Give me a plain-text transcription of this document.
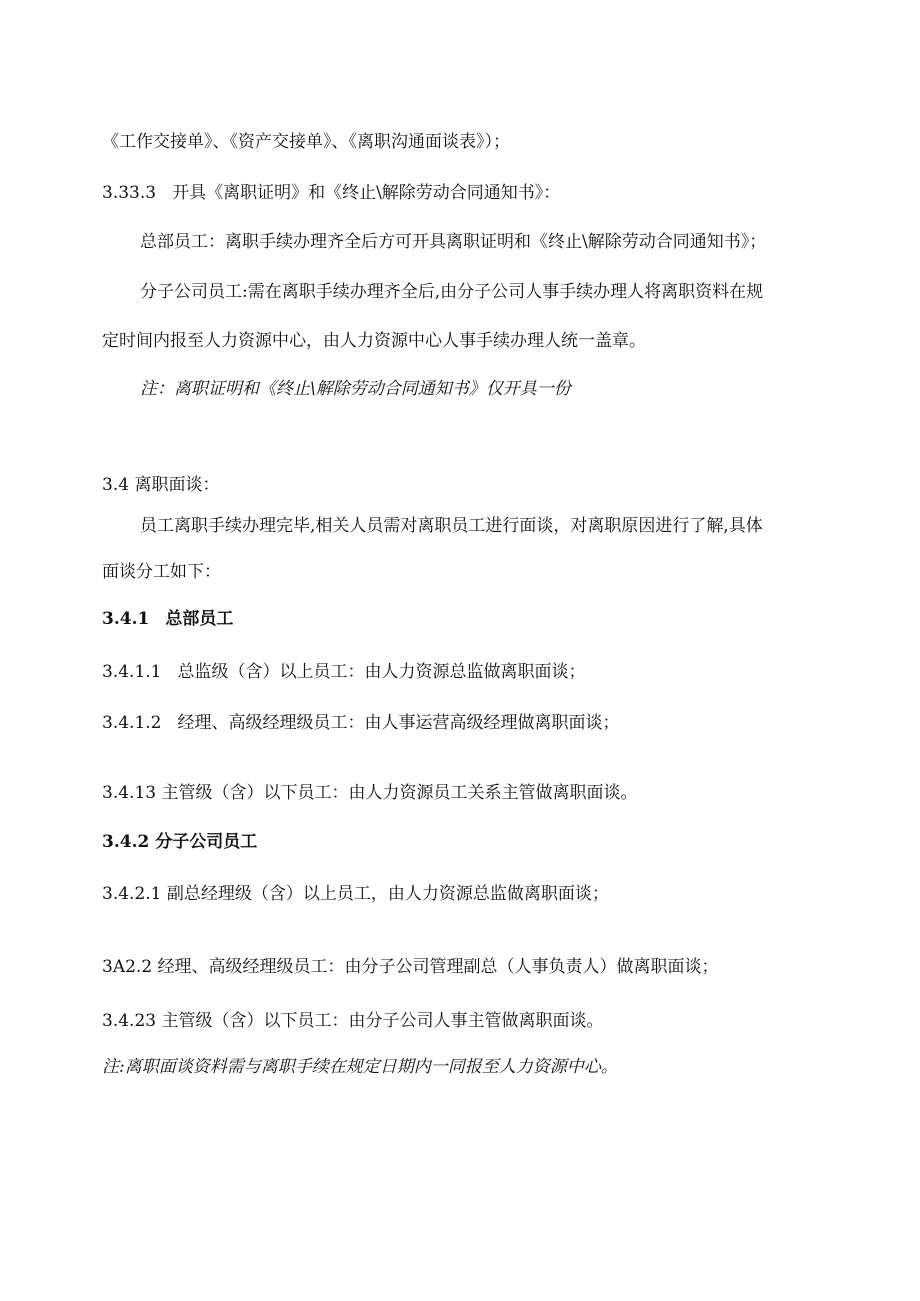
《工作交接单》、《资产交接单》、《离职沟通面谈表》）；
3.33.3 开具《离职证明》和《终止\解除劳动合同通知书》：
总部员工：离职手续办理齐全后方可开具离职证明和《终止\解除劳动合同通知书》；
分子公司员工:需在离职手续办理齐全后,由分子公司人事手续办理人将离职资料在规
定时间内报至人力资源中心，由人力资源中心人事手续办理人统一盖章。
注：离职证明和《终止\解除劳动合同通知书》仅开具一份
3.4 离职面谈：
员工离职手续办理完毕,相关人员需对离职员工进行面谈，对离职原因进行了解,具体
面谈分工如下：
3.4.1 总部员工
3.4.1.1 总监级（含）以上员工：由人力资源总监做离职面谈；
3.4.1.2 经理、高级经理级员工：由人事运营高级经理做离职面谈；
3.4.13 主管级（含）以下员工：由人力资源员工关系主管做离职面谈。
3.4.2 分子公司员工
3.4.2.1 副总经理级（含）以上员工，由人力资源总监做离职面谈；
3A2.2 经理、高级经理级员工：由分子公司管理副总（人事负责人）做离职面谈；
3.4.23 主管级（含）以下员工：由分子公司人事主管做离职面谈。
注:离职面谈资料需与离职手续在规定日期内一同报至人力资源中心。
